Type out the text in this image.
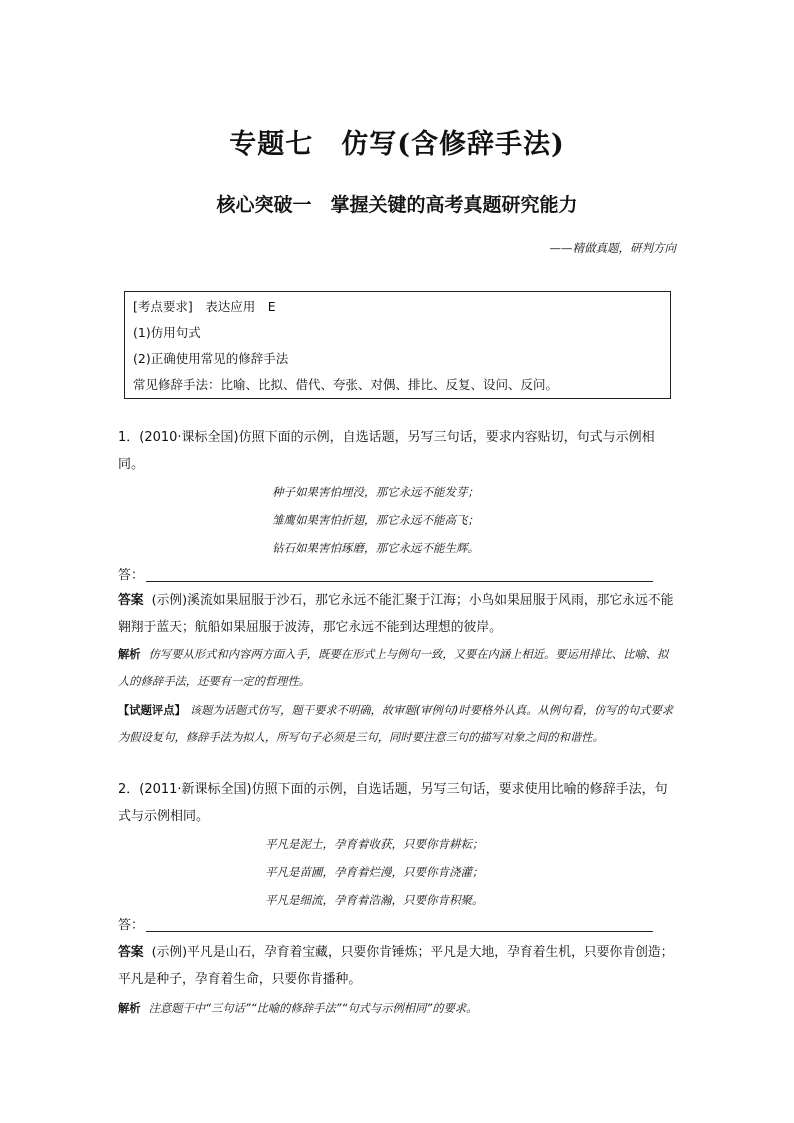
专题七　仿写(含修辞手法)
核心突破一　掌握关键的高考真题研究能力
——精做真题，研判方向
[考点要求]　表达应用　E
(1)仿用句式
(2)正确使用常见的修辞手法
常见修辞手法：比喻、比拟、借代、夸张、对偶、排比、反复、设问、反问。
1．(2010·课标全国)仿照下面的示例，自选话题，另写三句话，要求内容贴切，句式与示例相同。
种子如果害怕埋没，那它永远不能发芽；
雏鹰如果害怕折翅，那它永远不能高飞；
钻石如果害怕琢磨，那它永远不能生辉。
答：
答案 (示例)溪流如果屈服于沙石，那它永远不能汇聚于江海；小鸟如果屈服于风雨，那它永远不能翱翔于蓝天；航船如果屈服于波涛，那它永远不能到达理想的彼岸。
解析 仿写要从形式和内容两方面入手，既要在形式上与例句一致，又要在内涵上相近。要运用排比、比喻、拟人的修辞手法，还要有一定的哲理性。
【试题评点】 该题为话题式仿写，题干要求不明确，故审题(审例句)时要格外认真。从例句看，仿写的句式要求为假设复句，修辞手法为拟人，所写句子必须是三句，同时要注意三句的描写对象之间的和谐性。
2．(2011·新课标全国)仿照下面的示例，自选话题，另写三句话，要求使用比喻的修辞手法，句式与示例相同。
平凡是泥土，孕育着收获，只要你肯耕耘；
平凡是苗圃，孕育着烂漫，只要你肯浇灌；
平凡是细流，孕育着浩瀚，只要你肯积聚。
答：
答案 (示例)平凡是山石，孕育着宝藏，只要你肯锤炼；平凡是大地，孕育着生机，只要你肯创造；平凡是种子，孕育着生命，只要你肯播种。
解析 注意题干中“三句话”“比喻的修辞手法”“句式与示例相同”的要求。
